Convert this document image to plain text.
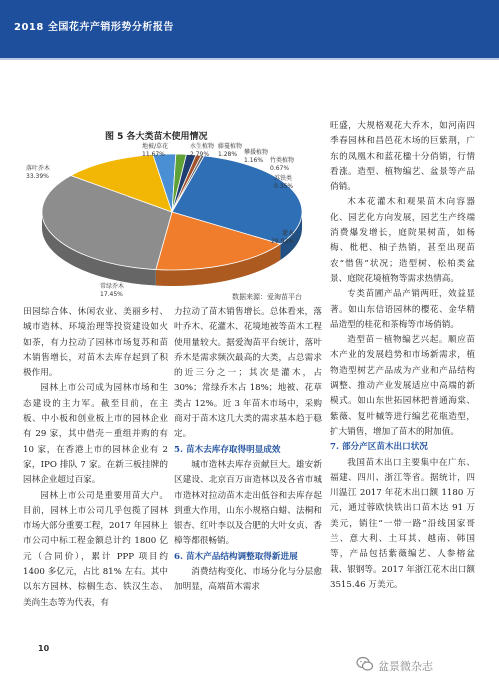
2018 全国花卉产销形势分析报告
图 5 各大类苗木使用情况
灌木
29.92%
常绿乔木
17.45%
落叶乔木
33.39%
地被/草花
11.67%
水生植物
2.79%
藤蔓植物
1.28% 攀援植物
1.16% 竹类植物
0.67%
苏铁类
0.35%
数据来源：爱淘苗平台

田园综合体、休闲农业、美丽乡村、城市造林、环境治理等投资建设如火如荼，有力拉动了园林市场复苏和苗木销售增长，对苗木去库存起到了积极作用。

园林上市公司成为园林市场和生态建设的主力军。截至目前，在主板、中小板和创业板上市的园林企业有 29 家，其中借壳－重组并购的有 10 家，在香港上市的园林企业有 2 家，IPO 排队 7 家。在新三板挂牌的园林企业超过百家。

园林上市公司是重要用苗大户。目前，园林上市公司几乎包揽了园林市场大部分重要工程，2017 年园林上市公司中标工程金额总计约 1800 亿元（合同价），累计 PPP 项目约 1400 多亿元，占比 81% 左右。其中以东方园林、棕榈生态、铁汉生态、美尚生态等为代表，有

力拉动了苗木销售增长。总体看来，落叶乔木、花灌木、花境地被等苗木工程使用量较大。据爱淘苗平台统计，落叶乔木是需求频次最高的大类，占总需求的近三分之一；其次是灌木，占 30%；常绿乔木占 18%；地被、花草类占 12%。近 3 年苗木市场中，采购商对于苗木这几大类的需求基本趋于稳定。

5. 苗木去库存取得明显成效

城市造林去库存贡献巨大。雄安新区建设、北京百万亩造林以及各省市城市造林对拉动苗木走出低谷和去库存起到重大作用，山东小规格白蜡、法桐和银杏、红叶李以及合肥的大叶女贞、香樟等都很畅销。

6. 苗木产品结构调整取得新进展

消费结构变化、市场分化与分层愈加明显，高端苗木需求

旺盛，大规格观花大乔木，如河南四季春园林和昌邑花木场的巨紫荆，广东的凤凰木和蓝花楹十分俏销，行情看涨。造型、植物编艺、盆景等产品俏销。

木本花灌木和观果苗木向容器化、园艺化方向发展，园艺生产终端消费爆发增长，庭院果树苗，如杨梅、枇杷、柚子热销，甚至出现苗农“惜售”状况；造型树、松柏类盆景、庭院花境植物等需求热情高。

专类苗圃产品产销两旺，效益显著。如山东信语园林的樱花、金华精品造型的桂花和茶梅等市场俏销。

造型苗－植物编艺兴起。顺应苗木产业的发展趋势和市场新需求，植物造型树艺产品成为产业和产品结构调整、推动产业发展适应中高端的新模式。如山东世拓园林把普通海棠、紫薇、复叶槭等进行编艺花瓶造型，扩大销售，增加了苗木的附加值。

7. 部分产区苗木出口状况

我国苗木出口主要集中在广东、福建、四川、浙江等省。据统计，四川温江 2017 年花木出口额 1180 万元，通过蓉欧快铁出口苗木达 91 万美元，销往“一带一路”沿线国家哥兰、意大利、土耳其、越南、韩国等，产品包括紫薇编艺、人参榕盆栽、银钢等。2017 年浙江花木出口额 3515.46 万美元。

10
盆景微杂志
